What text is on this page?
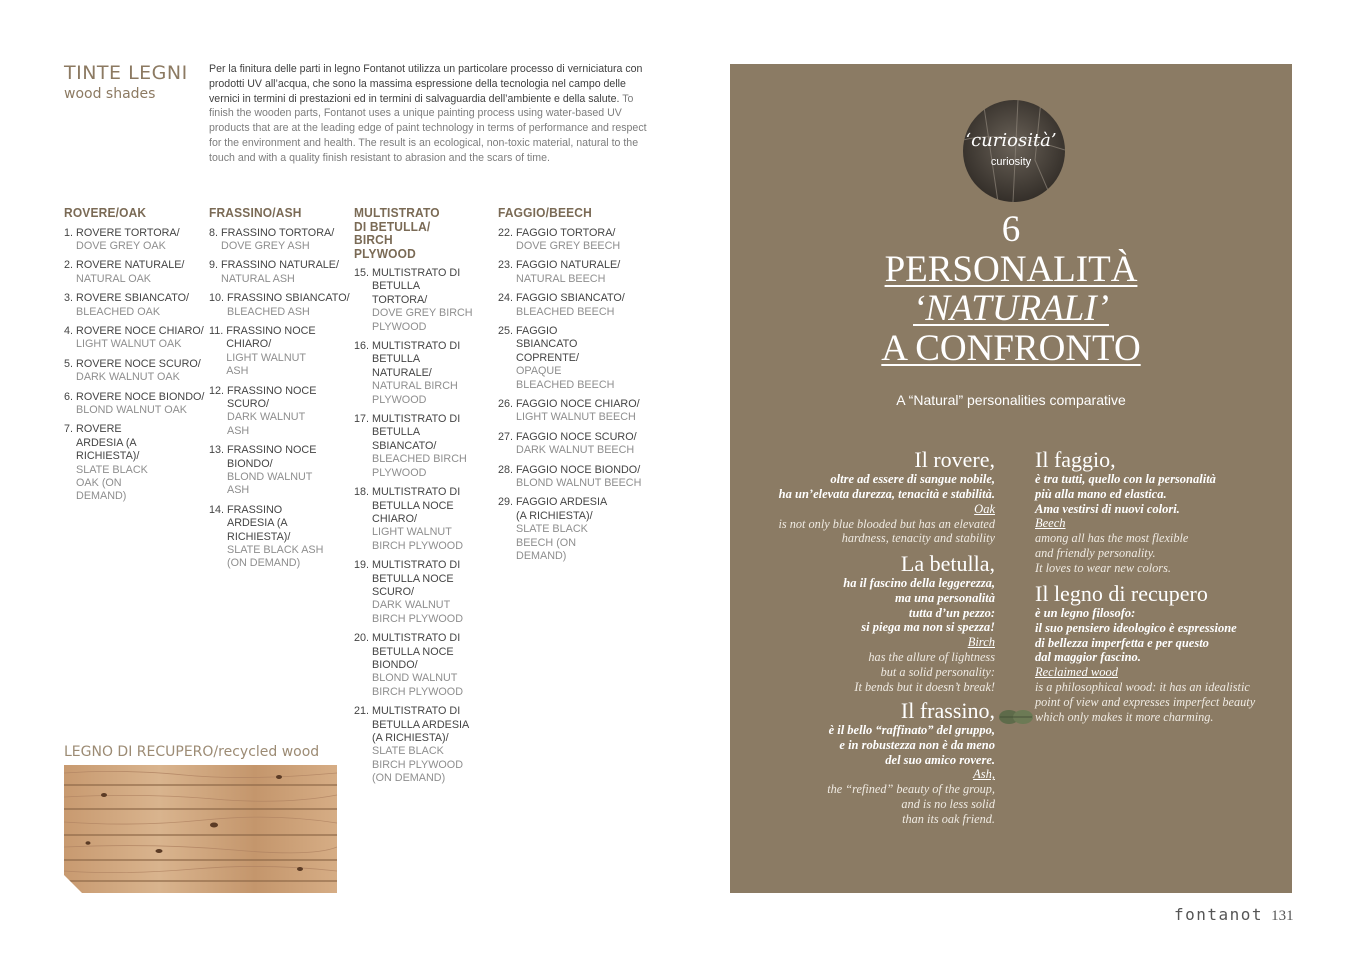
TINTE LEGNI
wood shades
Per la finitura delle parti in legno Fontanot utilizza un particolare processo di verniciatura con prodotti UV all’acqua, che sono la massima espressione della tecnologia nel campo delle vernici in termini di prestazioni ed in termini di salvaguardia dell’ambiente e della salute. To finish the wooden parts, Fontanot uses a unique painting process using water-based UV products that are at the leading edge of paint technology in terms of performance and respect for the environment and health. The result is an ecological, non-toxic material, natural to the touch and with a quality finish resistant to abrasion and the scars of time.
ROVERE/OAK
1. ROVERE TORTORA/
DOVE GREY OAK
2. ROVERE NATURALE/
NATURAL OAK
3. ROVERE SBIANCATO/
BLEACHED OAK
4. ROVERE NOCE CHIARO/
LIGHT WALNUT OAK
5. ROVERE NOCE SCURO/
DARK WALNUT OAK
6. ROVERE NOCE BIONDO/
BLOND WALNUT OAK
7. ROVERE ARDESIA (A RICHIESTA)/
SLATE BLACK OAK (ON DEMAND)
FRASSINO/ASH
8. FRASSINO TORTORA/
DOVE GREY ASH
9. FRASSINO NATURALE/
NATURAL ASH
10. FRASSINO SBIANCATO/
BLEACHED ASH
11. FRASSINO NOCE CHIARO/
LIGHT WALNUT ASH
12. FRASSINO NOCE SCURO/
DARK WALNUT ASH
13. FRASSINO NOCE BIONDO/
BLOND WALNUT ASH
14. FRASSINO ARDESIA (A RICHIESTA)/
SLATE BLACK ASH (ON DEMAND)
MULTISTRATO DI BETULLA/ BIRCH PLYWOOD
15. MULTISTRATO DI BETULLA TORTORA/
DOVE GREY BIRCH PLYWOOD
16. MULTISTRATO DI BETULLA NATURALE/
NATURAL BIRCH PLYWOOD
17. MULTISTRATO DI BETULLA SBIANCATO/
BLEACHED BIRCH PLYWOOD
18. MULTISTRATO DI BETULLA NOCE CHIARO/
LIGHT WALNUT BIRCH PLYWOOD
19. MULTISTRATO DI BETULLA NOCE SCURO/
DARK WALNUT BIRCH PLYWOOD
20. MULTISTRATO DI BETULLA NOCE BIONDO/
BLOND WALNUT BIRCH PLYWOOD
21. MULTISTRATO DI BETULLA ARDESIA (A RICHIESTA)/
SLATE BLACK BIRCH PLYWOOD (ON DEMAND)
FAGGIO/BEECH
22. FAGGIO TORTORA/
DOVE GREY BEECH
23. FAGGIO NATURALE/
NATURAL BEECH
24. FAGGIO SBIANCATO/
BLEACHED BEECH
25. FAGGIO SBIANCATO COPRENTE/
OPAQUE BLEACHED BEECH
26. FAGGIO NOCE CHIARO/
LIGHT WALNUT BEECH
27. FAGGIO NOCE SCURO/
DARK WALNUT BEECH
28. FAGGIO NOCE BIONDO/
BLOND WALNUT BEECH
29. FAGGIO ARDESIA (A RICHIESTA)/
SLATE BLACK BEECH (ON DEMAND)
LEGNO DI RECUPERO/recycled wood
‘curiosità’
curiosity
6
PERSONALITÀ
‘NATURALI’
A CONFRONTO
A “Natural” personalities comparative
Il rovere,
oltre ad essere di sangue nobile,
ha un’elevata durezza, tenacità e stabilità.
Oak
is not only blue blooded but has an elevated
hardness, tenacity and stability
La betulla,
ha il fascino della leggerezza,
ma una personalità
tutta d’un pezzo:
si piega ma non si spezza!
Birch
has the allure of lightness
but a solid personality:
It bends but it doesn’t break!
Il frassino,
è il bello “raffinato” del gruppo,
e in robustezza non è da meno
del suo amico rovere.
Ash,
the “refined” beauty of the group,
and is no less solid
than its oak friend.
Il faggio,
è tra tutti, quello con la personalità
più alla mano ed elastica.
Ama vestirsi di nuovi colori.
Beech
among all has the most flexible
and friendly personality.
It loves to wear new colors.
Il legno di recupero
è un legno filosofo:
il suo pensiero ideologico è espressione
di bellezza imperfetta e per questo
dal maggior fascino.
Reclaimed wood
is a philosophical wood: it has an idealistic
point of view and expresses imperfect beauty
which only makes it more charming.
fontanot 131
